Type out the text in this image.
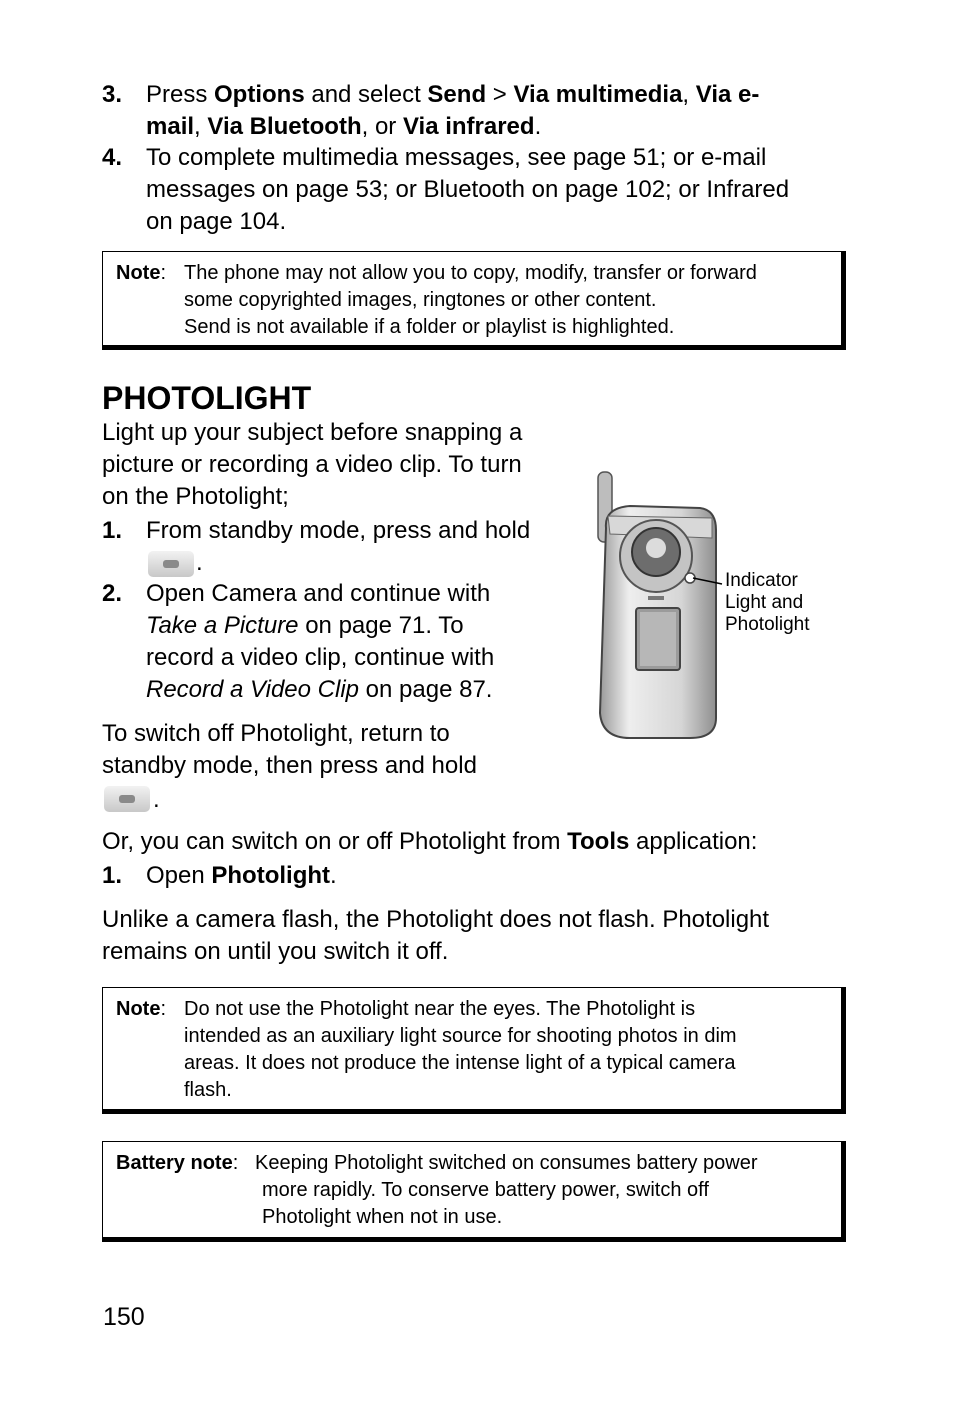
3. Press Options and select Send > Via multimedia, Via e-
mail, Via Bluetooth, or Via infrared.
4. To complete multimedia messages, see page 51; or e-mail
messages on page 53; or Bluetooth on page 102; or Infrared
on page 104.
Note: The phone may not allow you to copy, modify, transfer or forward
some copyrighted images, ringtones or other content.
Send is not available if a folder or playlist is highlighted.
PHOTOLIGHT
Light up your subject before snapping a
picture or recording a video clip. To turn
on the Photolight;
1. From standby mode, press and hold
.
2. Open Camera and continue with
Take a Picture on page 71. To
record a video clip, continue with
Record a Video Clip on page 87.
To switch off Photolight, return to
standby mode, then press and hold
.
Indicator
Light and
Photolight
Or, you can switch on or off Photolight from Tools application:
1. Open Photolight.
Unlike a camera flash, the Photolight does not flash. Photolight
remains on until you switch it off.
Note: Do not use the Photolight near the eyes. The Photolight is
intended as an auxiliary light source for shooting photos in dim
areas. It does not produce the intense light of a typical camera
flash.
Battery note: Keeping Photolight switched on consumes battery power
more rapidly. To conserve battery power, switch off
Photolight when not in use.
150
